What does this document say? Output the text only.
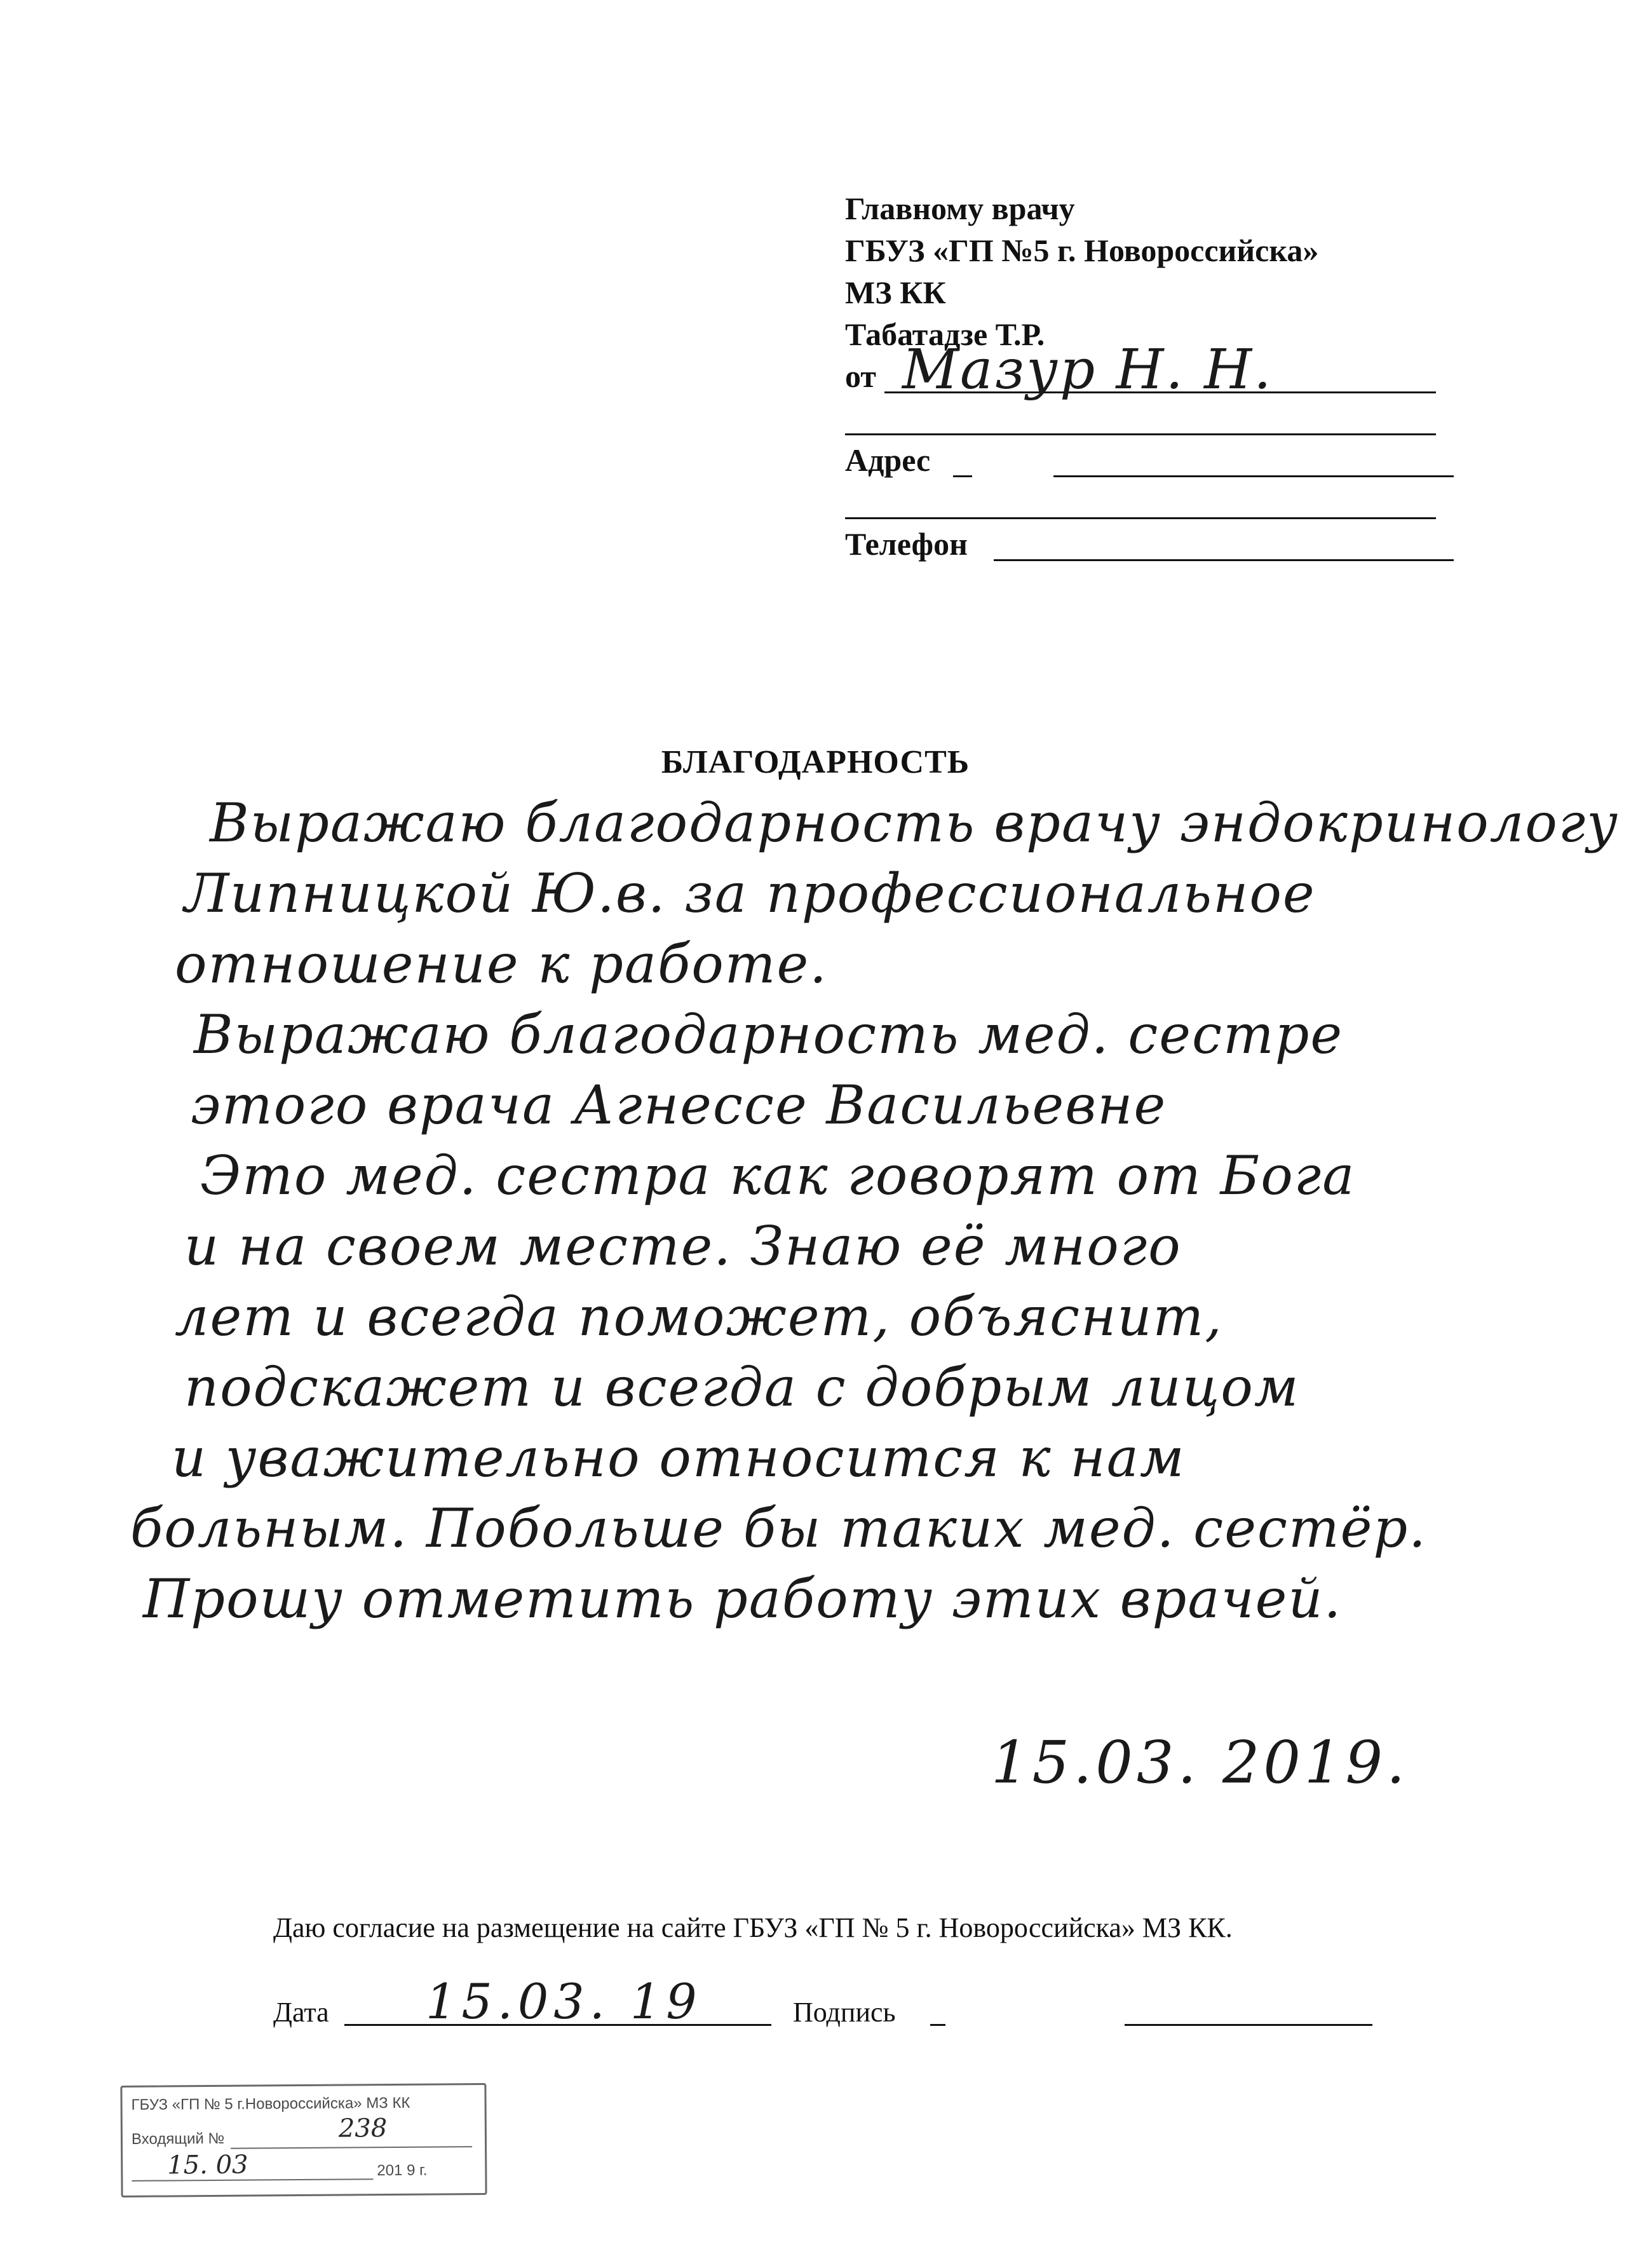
Главному врачу
ГБУЗ «ГП №5 г. Новороссийска»
МЗ КК
Табатадзе Т.Р.
от Мазур Н. Н.
Адрес
Телефон
БЛАГОДАРНОСТЬ
Выражаю благодарность врачу эндокринологу
Липницкой Ю.в. за профессиональное
отношение к работе.
Выражаю благодарность мед. сестре
этого врача Агнессе Васильевне
Это мед. сестра как говорят от Бога
и на своем месте. Знаю её много
лет и всегда поможет, объяснит,
подскажет и всегда с добрым лицом
и уважительно относится к нам
больным. Побольше бы таких мед. сестёр.
Прошу отметить работу этих врачей.
15.03. 2019.
Даю согласие на размещение на сайте ГБУЗ «ГП № 5 г. Новороссийска» МЗ КК.
Дата 15.03. 19	Подпись
ГБУЗ «ГП № 5 г.Новороссийска» МЗ КК
Входящий №	238
15. 03	201 9 г.
